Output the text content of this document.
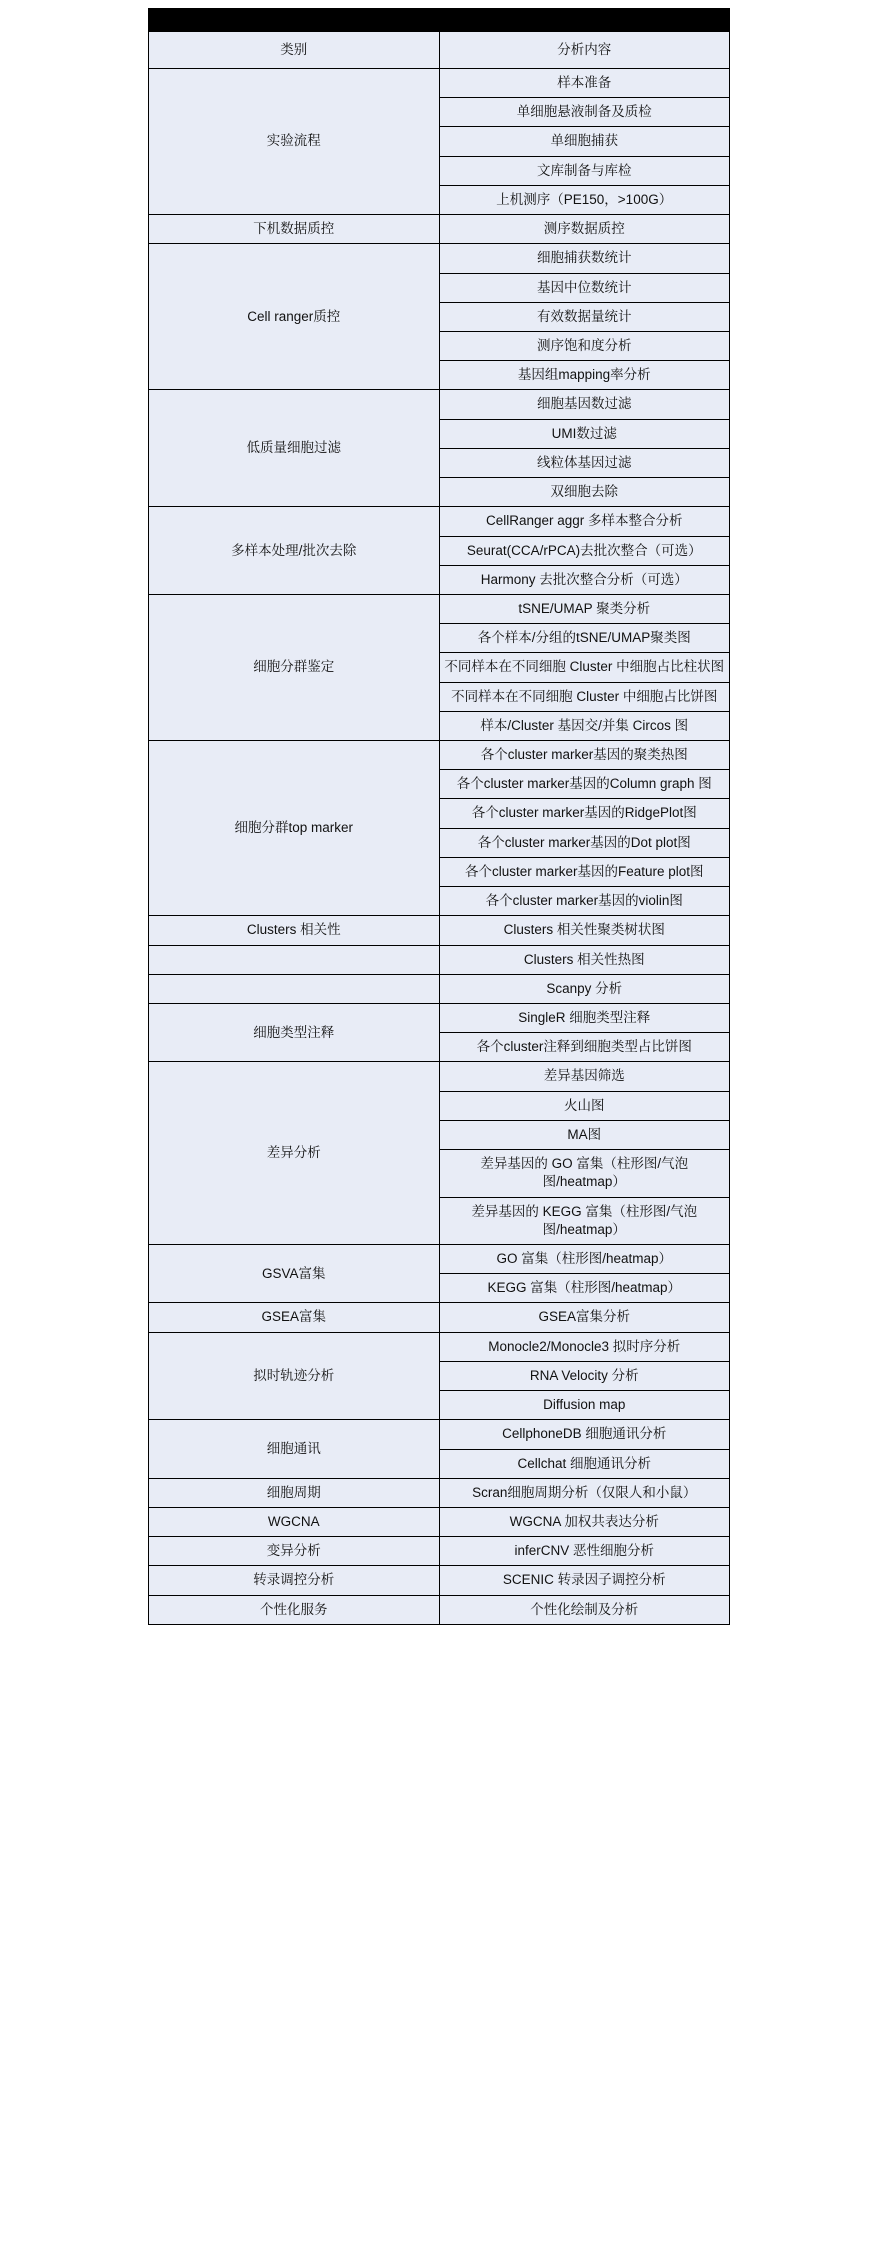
类别	分析内容
实验流程	样本准备
	单细胞悬液制备及质检
	单细胞捕获
	文库制备与库检
	上机测序（PE150，>100G）
下机数据质控	测序数据质控
Cell ranger质控	细胞捕获数统计
	基因中位数统计
	有效数据量统计
	测序饱和度分析
	基因组mapping率分析
低质量细胞过滤	细胞基因数过滤
	UMI数过滤
	线粒体基因过滤
	双细胞去除
多样本处理/批次去除	CellRanger aggr 多样本整合分析
	Seurat(CCA/rPCA)去批次整合（可选）
	Harmony 去批次整合分析（可选）
细胞分群鉴定	tSNE/UMAP 聚类分析
	各个样本/分组的tSNE/UMAP聚类图
	不同样本在不同细胞 Cluster 中细胞占比柱状图
	不同样本在不同细胞 Cluster 中细胞占比饼图
	样本/Cluster 基因交/并集 Circos 图
细胞分群top marker	各个cluster marker基因的聚类热图
	各个cluster marker基因的Column graph 图
	各个cluster marker基因的RidgePlot图
	各个cluster marker基因的Dot plot图
	各个cluster marker基因的Feature plot图
	各个cluster marker基因的violin图
Clusters 相关性	Clusters 相关性聚类树状图
	Clusters 相关性热图
	Scanpy 分析
细胞类型注释	SingleR 细胞类型注释
	各个cluster注释到细胞类型占比饼图
差异分析	差异基因筛选
	火山图
	MA图
	差异基因的 GO 富集（柱形图/气泡图/heatmap）
	差异基因的 KEGG 富集（柱形图/气泡图/heatmap）
GSVA富集	GO 富集（柱形图/heatmap）
	KEGG 富集（柱形图/heatmap）
GSEA富集	GSEA富集分析
拟时轨迹分析	Monocle2/Monocle3 拟时序分析
	RNA Velocity 分析
	Diffusion map
细胞通讯	CellphoneDB 细胞通讯分析
	Cellchat 细胞通讯分析
细胞周期	Scran细胞周期分析（仅限人和小鼠）
WGCNA	WGCNA 加权共表达分析
变异分析	inferCNV 恶性细胞分析
转录调控分析	SCENIC 转录因子调控分析
个性化服务	个性化绘制及分析
